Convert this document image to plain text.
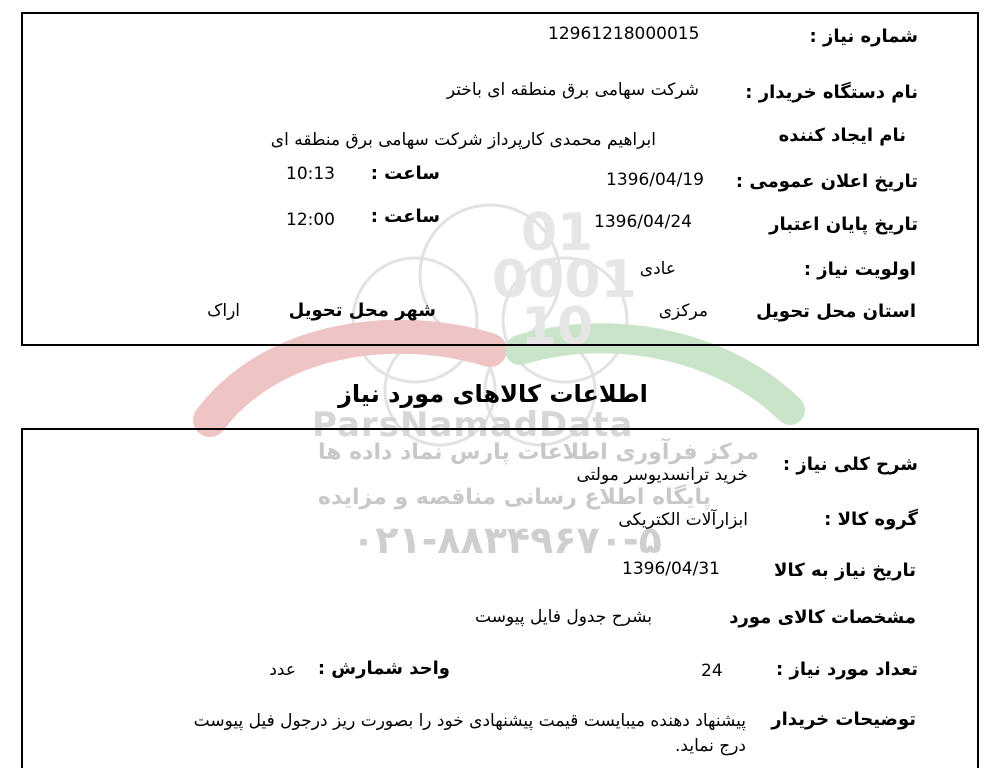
01 0001 10
ParsNamadData
مرکز فرآوری اطلاعات پارس نماد داده ها
پایگاه اطلاع رسانی مناقصه و مزایده
۰۲۱-۸۸۳۴۹۶۷۰-۵
شماره نیاز :
12961218000015
نام دستگاه خریدار :
شرکت سهامی برق منطقه ای باختر
نام ایجاد کننده
ابراهیم محمدی کارپرداز شرکت سهامی برق منطقه ای
تاریخ اعلان عمومی :
1396/04/19
ساعت :
10:13
تاریخ پایان اعتبار
1396/04/24
ساعت :
12:00
اولویت نیاز :
عادی
استان محل تحویل
مرکزی
شهر محل تحویل
اراک
اطلاعات کالاهای مورد نیاز
شرح کلی نیاز :
خرید ترانسدیوسر مولتی
گروه کالا :
ابزارآلات الکتریکی
تاریخ نیاز به کالا
1396/04/31
مشخصات کالای مورد
بشرح جدول فایل پیوست
تعداد مورد نیاز :
24
واحد شمارش :
عدد
توضیحات خریدار
پیشنهاد دهنده میبایست قیمت پیشنهادی خود را بصورت ریز درجول فیل پیوست
درج نماید.
